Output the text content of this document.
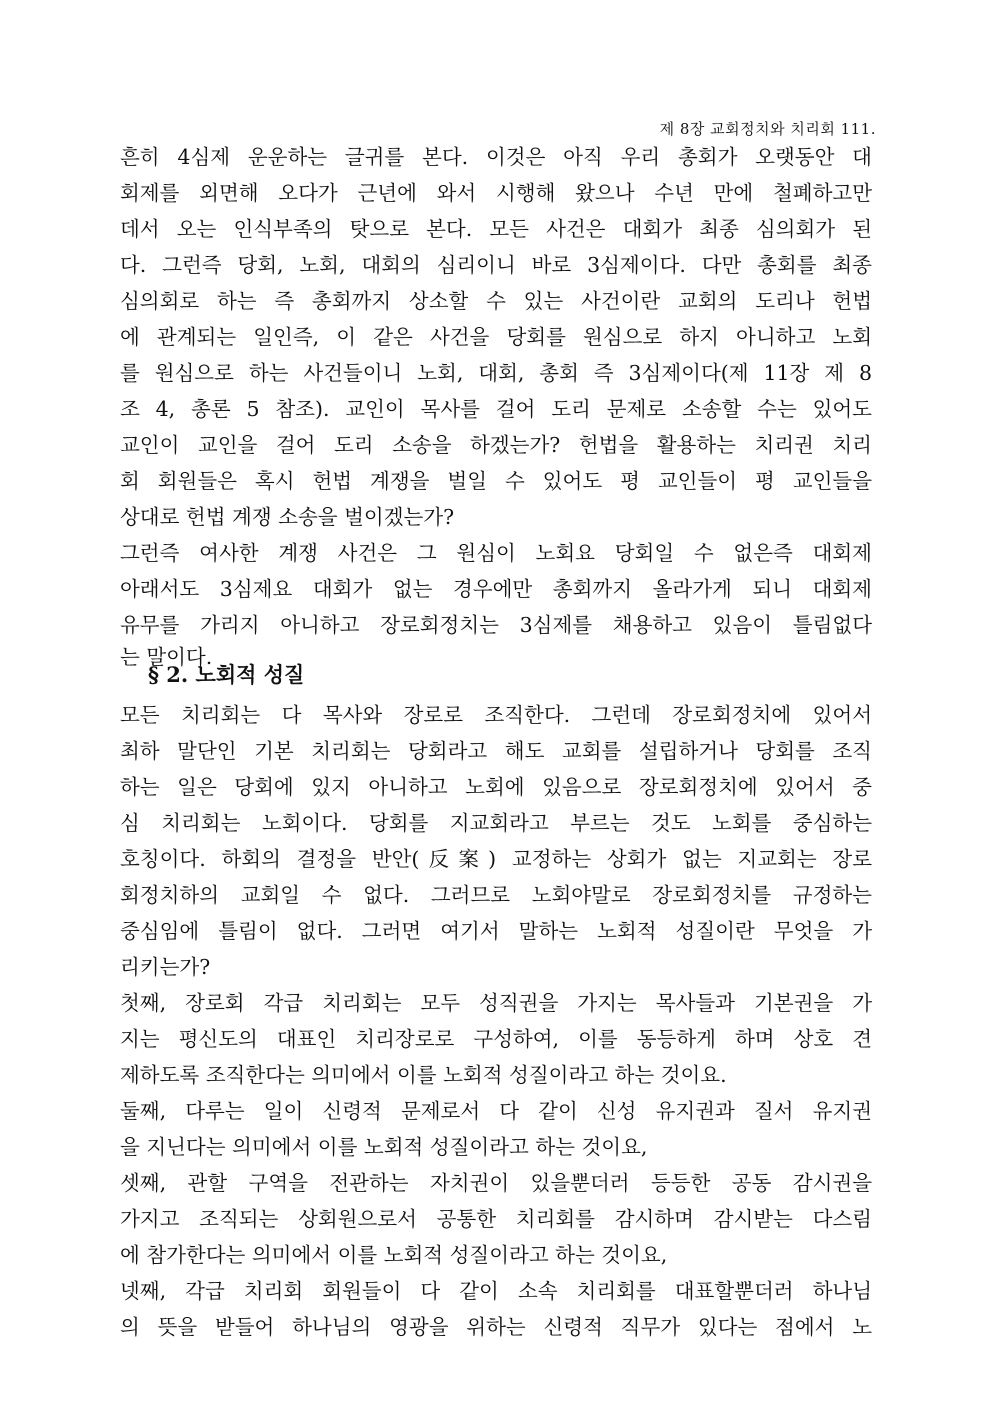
제 8장 교회정치와 치리회 111.
흔히 4심제 운운하는 글귀를 본다. 이것은 아직 우리 총회가 오랫동안 대
회제를 외면해 오다가 근년에 와서 시행해 왔으나 수년 만에 철폐하고만
데서 오는 인식부족의 탓으로 본다. 모든 사건은 대회가 최종 심의회가 된
다. 그런즉 당회, 노회, 대회의 심리이니 바로 3심제이다. 다만 총회를 최종
심의회로 하는 즉 총회까지 상소할 수 있는 사건이란 교회의 도리나 헌법
에 관계되는 일인즉, 이 같은 사건을 당회를 원심으로 하지 아니하고 노회
를 원심으로 하는 사건들이니 노회, 대회, 총회 즉 3심제이다(제 11장 제 8
조 4, 총론 5 참조). 교인이 목사를 걸어 도리 문제로 소송할 수는 있어도
교인이 교인을 걸어 도리 소송을 하겠는가? 헌법을 활용하는 치리권 치리
회 회원들은 혹시 헌법 계쟁을 벌일 수 있어도 평 교인들이 평 교인들을
상대로 헌법 계쟁 소송을 벌이겠는가?
그런즉 여사한 계쟁 사건은 그 원심이 노회요 당회일 수 없은즉 대회제
아래서도 3심제요 대회가 없는 경우에만 총회까지 올라가게 되니 대회제
유무를 가리지 아니하고 장로회정치는 3심제를 채용하고 있음이 틀림없다
는 말이다.
§ 2. 노회적 성질
모든 치리회는 다 목사와 장로로 조직한다. 그런데 장로회정치에 있어서
최하 말단인 기본 치리회는 당회라고 해도 교회를 설립하거나 당회를 조직
하는 일은 당회에 있지 아니하고 노회에 있음으로 장로회정치에 있어서 중
심 치리회는 노회이다. 당회를 지교회라고 부르는 것도 노회를 중심하는
호칭이다. 하회의 결정을 반안(反案) 교정하는 상회가 없는 지교회는 장로
회정치하의 교회일 수 없다. 그러므로 노회야말로 장로회정치를 규정하는
중심임에 틀림이 없다. 그러면 여기서 말하는 노회적 성질이란 무엇을 가
리키는가?
첫째, 장로회 각급 치리회는 모두 성직권을 가지는 목사들과 기본권을 가
지는 평신도의 대표인 치리장로로 구성하여, 이를 동등하게 하며 상호 견
제하도록 조직한다는 의미에서 이를 노회적 성질이라고 하는 것이요.
둘째, 다루는 일이 신령적 문제로서 다 같이 신성 유지권과 질서 유지권
을 지닌다는 의미에서 이를 노회적 성질이라고 하는 것이요,
셋째, 관할 구역을 전관하는 자치권이 있을뿐더러 등등한 공동 감시권을
가지고 조직되는 상회원으로서 공통한 치리회를 감시하며 감시받는 다스림
에 참가한다는 의미에서 이를 노회적 성질이라고 하는 것이요,
넷째, 각급 치리회 회원들이 다 같이 소속 치리회를 대표할뿐더러 하나님
의 뜻을 받들어 하나님의 영광을 위하는 신령적 직무가 있다는 점에서 노
